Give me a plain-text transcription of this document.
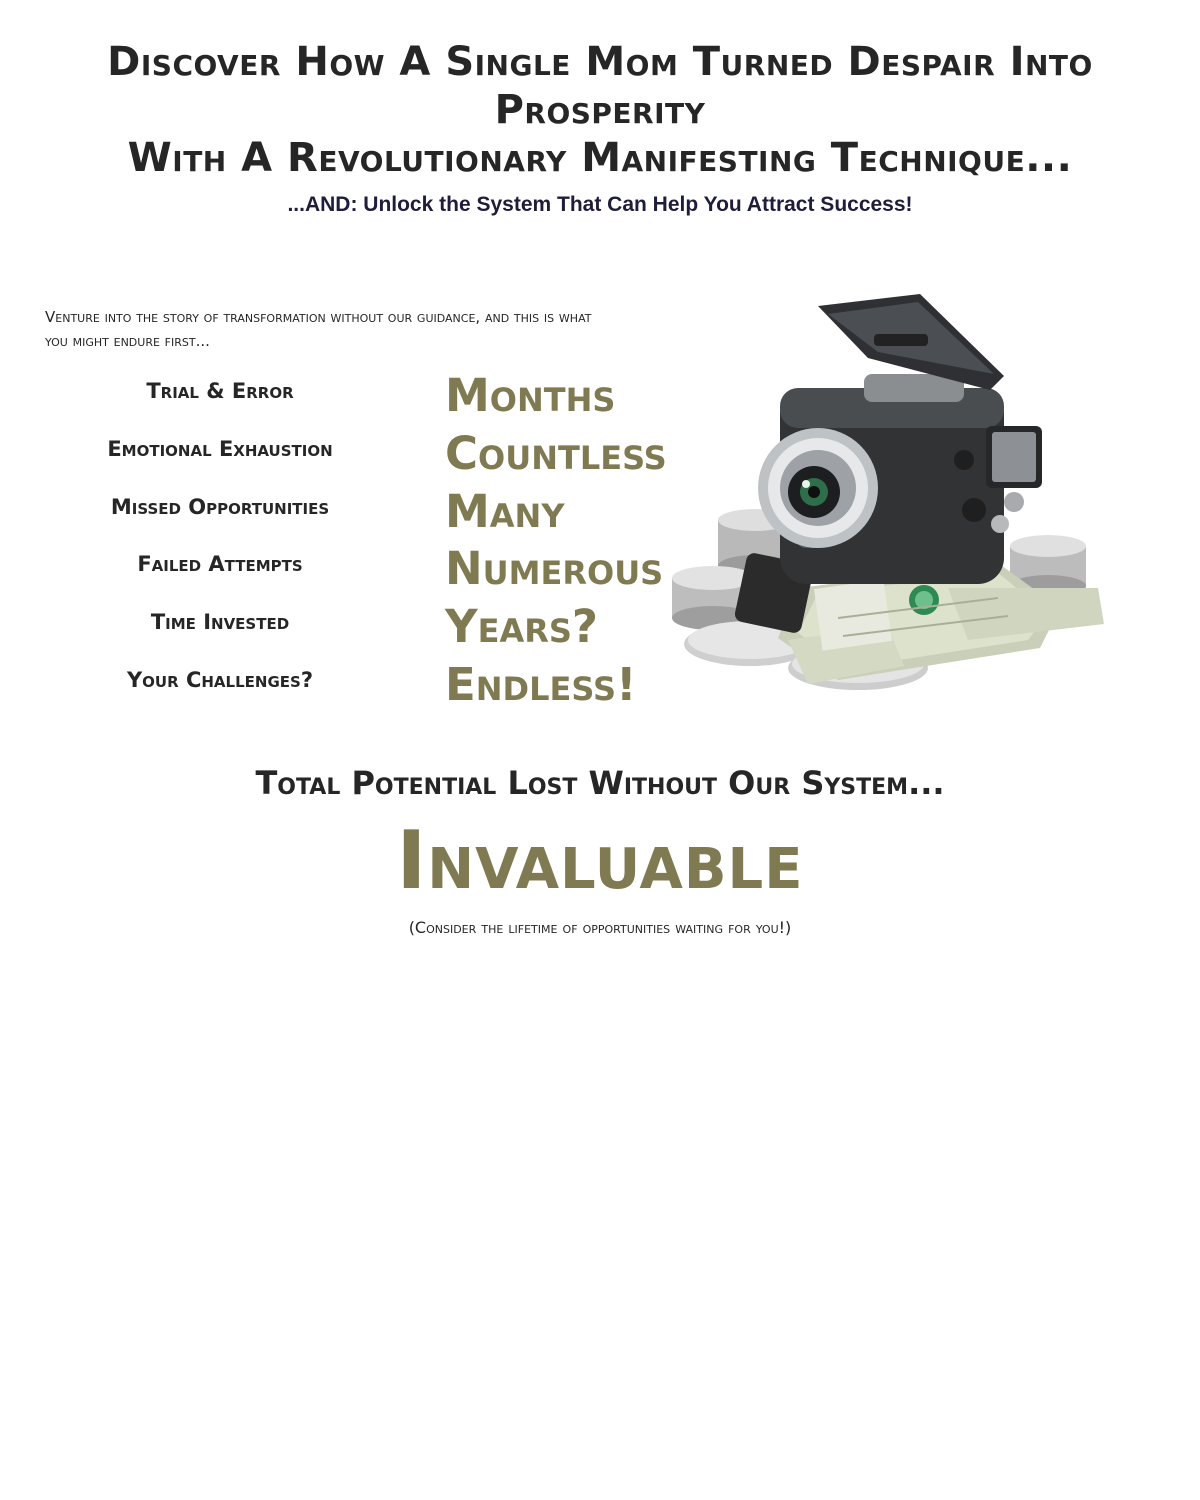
Discover How A Single Mom Turned Despair Into
Prosperity
With A Revolutionary Manifesting Technique...

...AND: Unlock the System That Can Help You Attract Success!

Venture into the story of transformation without our guidance, and this is what you might endure first...

Trial & Error	Months
Emotional Exhaustion	Countless
Missed Opportunities	Many
Failed Attempts	Numerous
Time Invested	Years?
Your Challenges?	Endless!
Total Potential Lost Without Our System...
Invaluable

(Consider the lifetime of opportunities waiting for you!)
